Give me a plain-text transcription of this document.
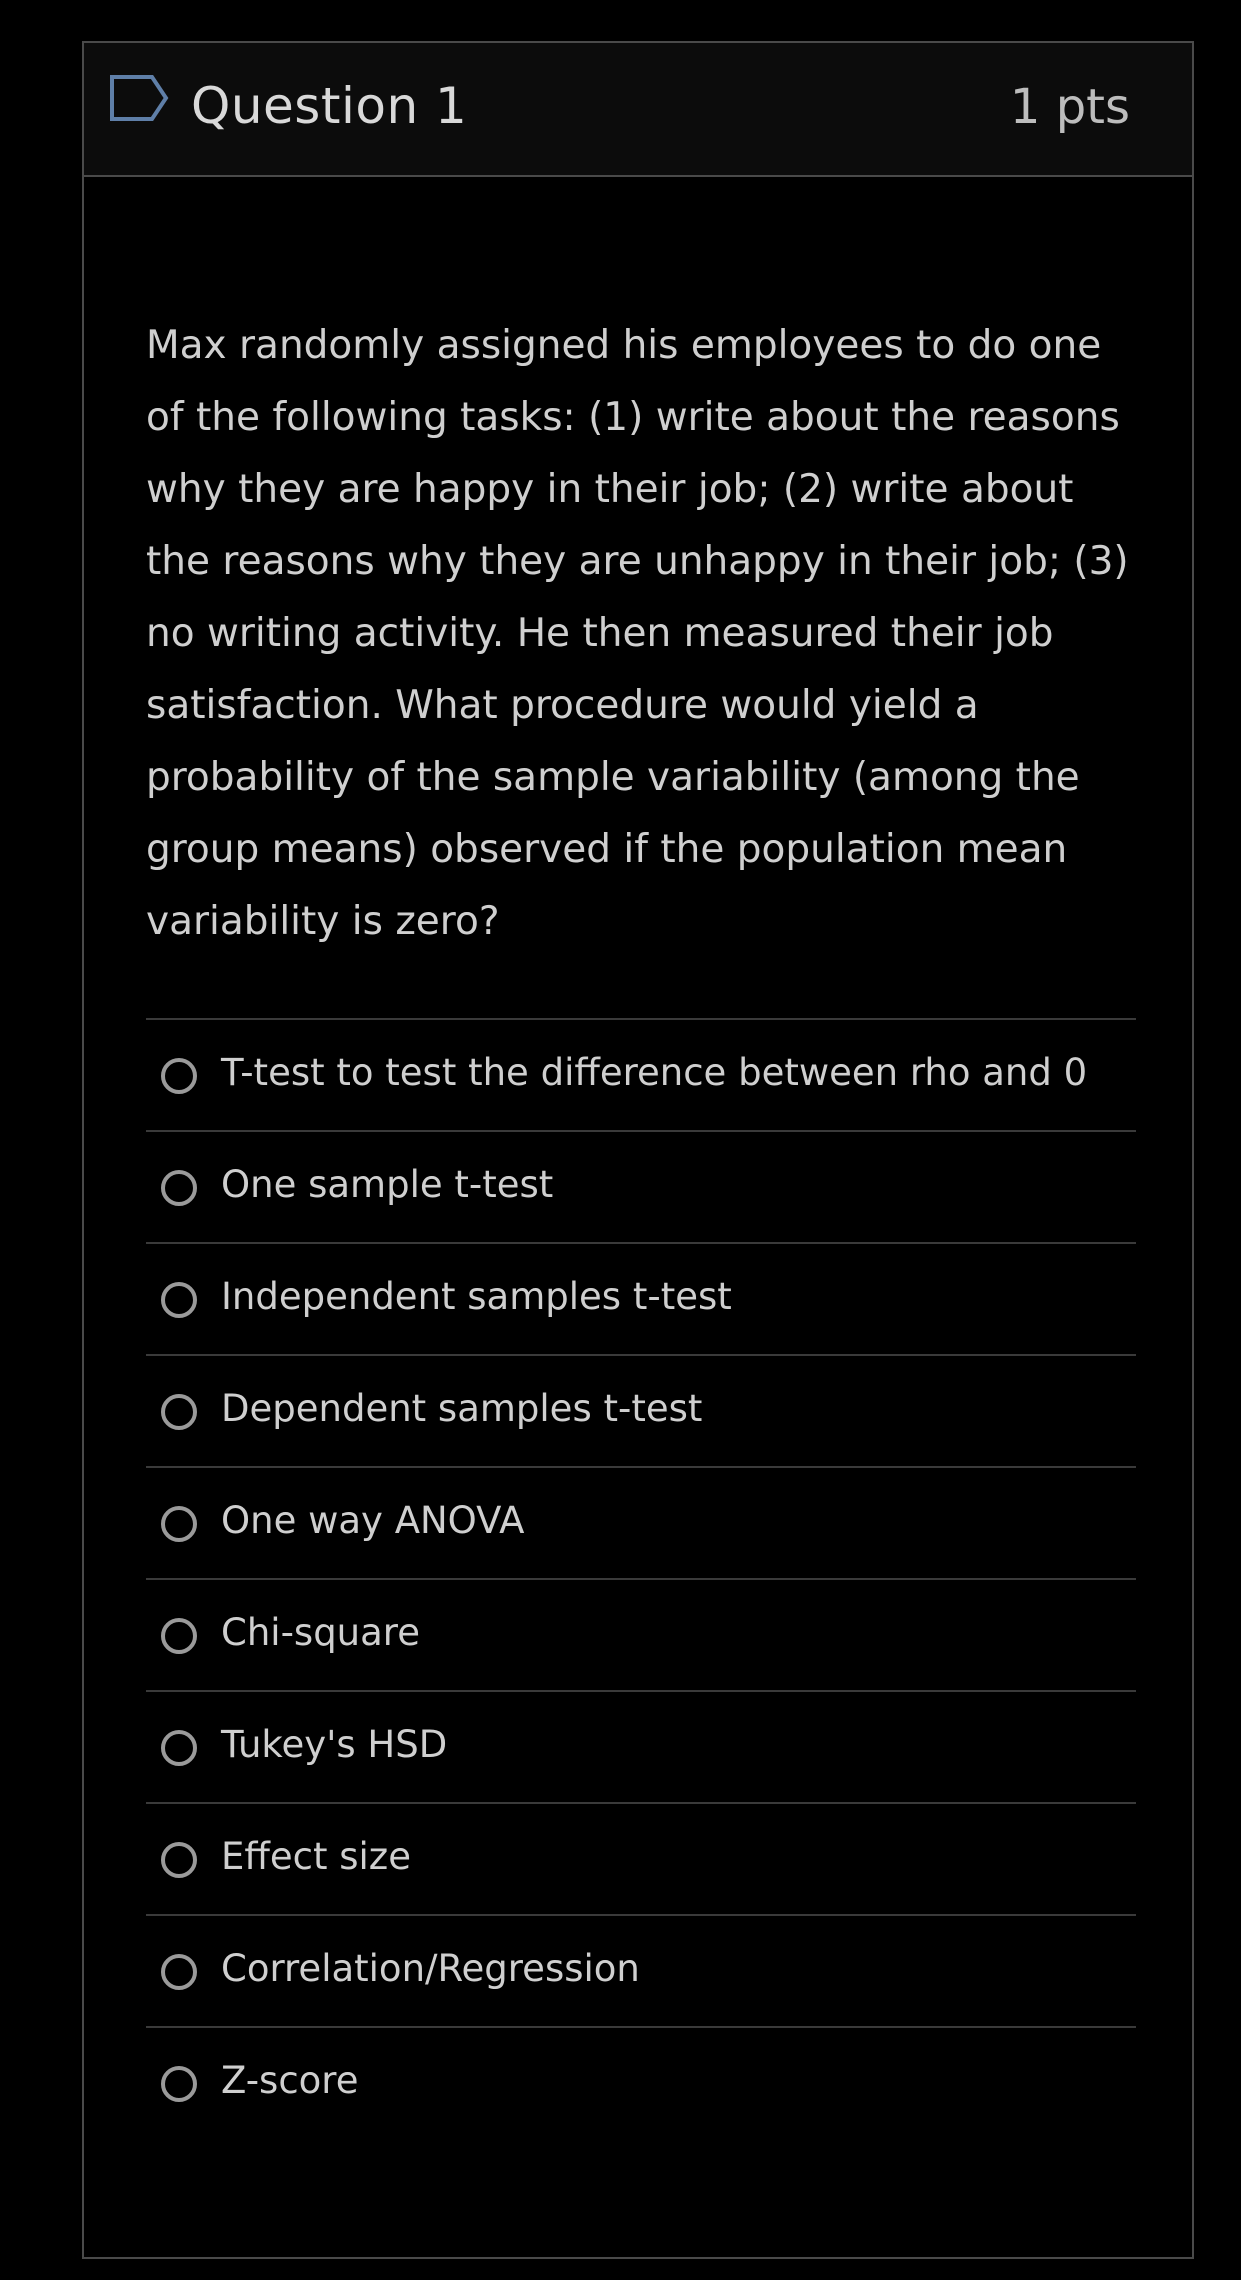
Question 1	1 pts

Max randomly assigned his employees to do one of the following tasks: (1) write about the reasons why they are happy in their job; (2) write about the reasons why they are unhappy in their job; (3) no writing activity. He then measured their job satisfaction. What procedure would yield a probability of the sample variability (among the group means) observed if the population mean variability is zero?

T-test to test the difference between rho and 0
One sample t-test
Independent samples t-test
Dependent samples t-test
One way ANOVA
Chi-square
Tukey's HSD
Effect size
Correlation/Regression
Z-score
